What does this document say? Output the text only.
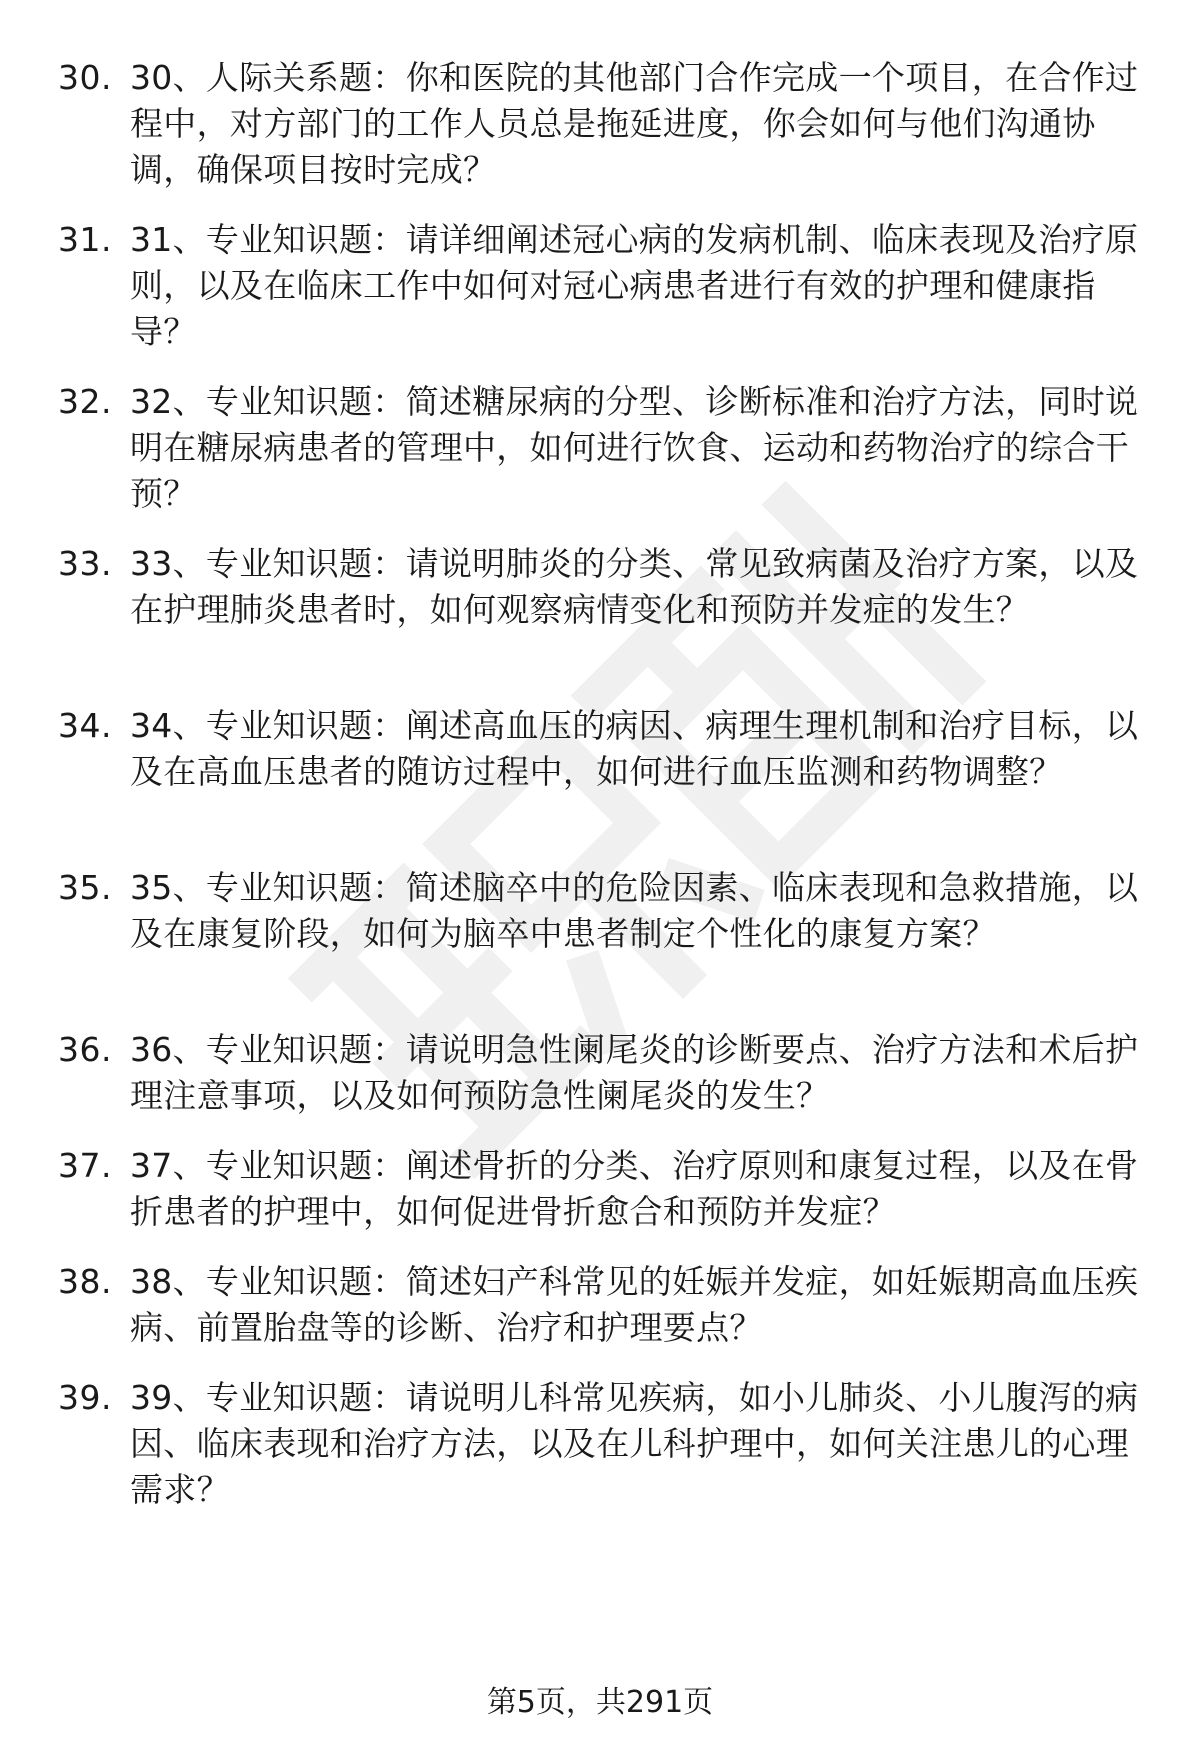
30. 30、人际关系题：你和医院的其他部门合作完成一个项目，在合作过程中，对方部门的工作人员总是拖延进度，你会如何与他们沟通协调，确保项目按时完成？
31. 31、专业知识题：请详细阐述冠心病的发病机制、临床表现及治疗原则，以及在临床工作中如何对冠心病患者进行有效的护理和健康指导？
32. 32、专业知识题：简述糖尿病的分型、诊断标准和治疗方法，同时说明在糖尿病患者的管理中，如何进行饮食、运动和药物治疗的综合干预？
33. 33、专业知识题：请说明肺炎的分类、常见致病菌及治疗方案，以及在护理肺炎患者时，如何观察病情变化和预防并发症的发生？
34. 34、专业知识题：阐述高血压的病因、病理生理机制和治疗目标，以及在高血压患者的随访过程中，如何进行血压监测和药物调整？
35. 35、专业知识题：简述脑卒中的危险因素、临床表现和急救措施，以及在康复阶段，如何为脑卒中患者制定个性化的康复方案？
36. 36、专业知识题：请说明急性阑尾炎的诊断要点、治疗方法和术后护理注意事项，以及如何预防急性阑尾炎的发生？
37. 37、专业知识题：阐述骨折的分类、治疗原则和康复过程，以及在骨折患者的护理中，如何促进骨折愈合和预防并发症？
38. 38、专业知识题：简述妇产科常见的妊娠并发症，如妊娠期高血压疾病、前置胎盘等的诊断、治疗和护理要点？
39. 39、专业知识题：请说明儿科常见疾病，如小儿肺炎、小儿腹泻的病因、临床表现和治疗方法，以及在儿科护理中，如何关注患儿的心理需求？
第5页，共291页
